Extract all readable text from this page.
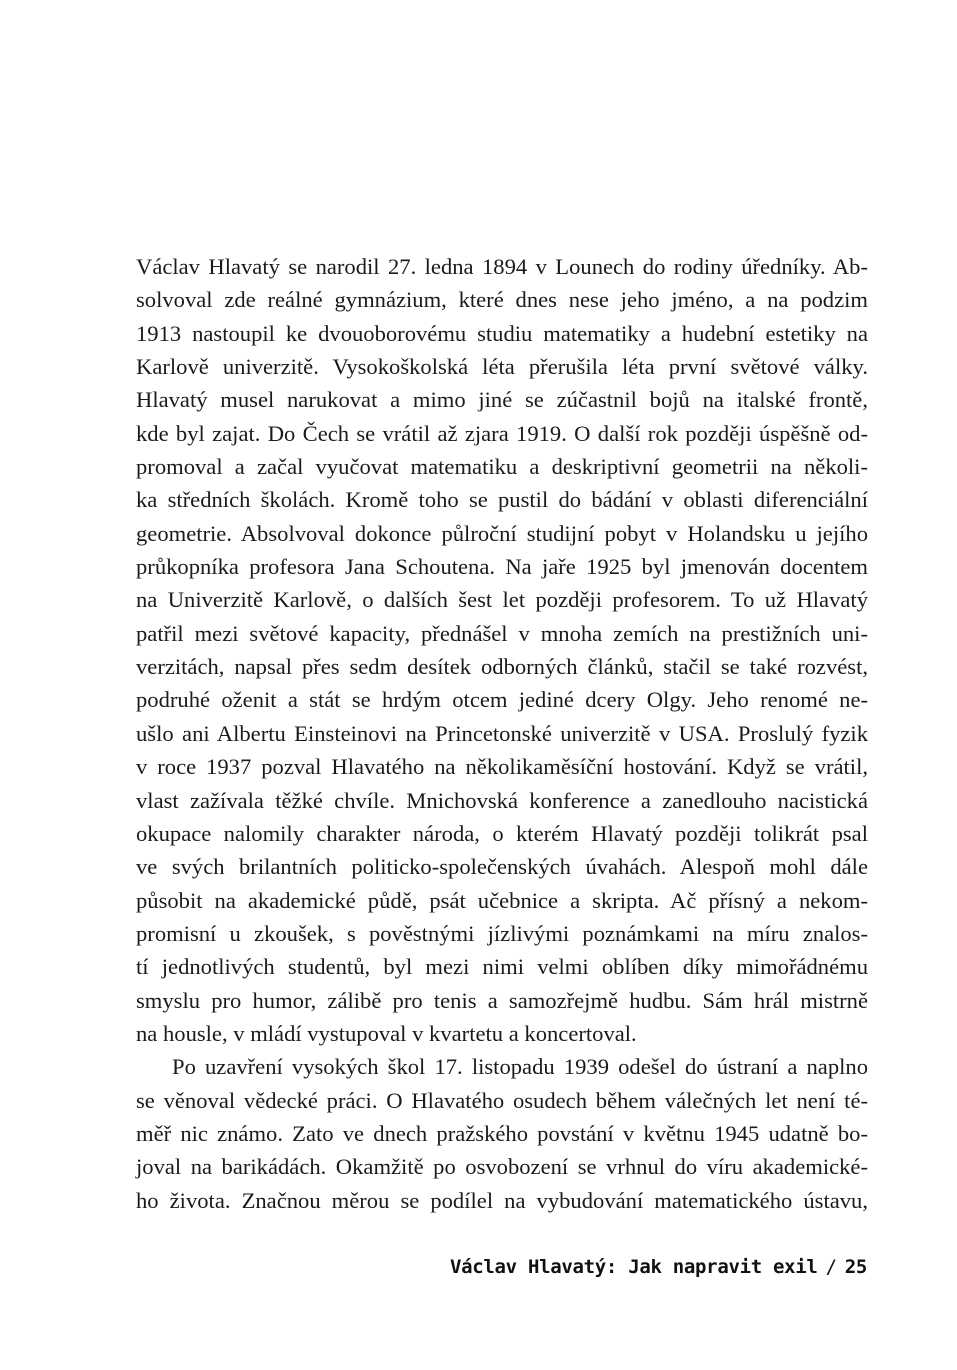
Václav Hlavatý se narodil 27. ledna 1894 v Lounech do rodiny úředníky. Ab-
solvoval zde reálné gymnázium, které dnes nese jeho jméno, a na podzim
1913 nastoupil ke dvouoborovému studiu matematiky a hudební estetiky na
Karlově univerzitě. Vysokoškolská léta přerušila léta první světové války.
Hlavatý musel narukovat a mimo jiné se zúčastnil bojů na italské frontě,
kde byl zajat. Do Čech se vrátil až zjara 1919. O další rok později úspěšně od-
promoval a začal vyučovat matematiku a deskriptivní geometrii na několi-
ka středních školách. Kromě toho se pustil do bádání v oblasti diferenciální
geometrie. Absolvoval dokonce půlroční studijní pobyt v Holandsku u jejího
průkopníka profesora Jana Schoutena. Na jaře 1925 byl jmenován docentem
na Univerzitě Karlově, o dalších šest let později profesorem. To už Hlavatý
patřil mezi světové kapacity, přednášel v mnoha zemích na prestižních uni-
verzitách, napsal přes sedm desítek odborných článků, stačil se také rozvést,
podruhé oženit a stát se hrdým otcem jediné dcery Olgy. Jeho renomé ne-
ušlo ani Albertu Einsteinovi na Princetonské univerzitě v USA. Proslulý fyzik
v roce 1937 pozval Hlavatého na několikaměsíční hostování. Když se vrátil,
vlast zažívala těžké chvíle. Mnichovská konference a zanedlouho nacistická
okupace nalomily charakter národa, o kterém Hlavatý později tolikrát psal
ve svých brilantních politicko-společenských úvahách. Alespoň mohl dále
působit na akademické půdě, psát učebnice a skripta. Ač přísný a nekom-
promisní u zkoušek, s pověstnými jízlivými poznámkami na míru znalos-
tí jednotlivých studentů, byl mezi nimi velmi oblíben díky mimořádnému
smyslu pro humor, zálibě pro tenis a samozřejmě hudbu. Sám hrál mistrně
na housle, v mládí vystupoval v kvartetu a koncertoval.
Po uzavření vysokých škol 17. listopadu 1939 odešel do ústraní a naplno
se věnoval vědecké práci. O Hlavatého osudech během válečných let není té-
měř nic známo. Zato ve dnech pražského povstání v květnu 1945 udatně bo-
joval na barikádách. Okamžitě po osvobození se vrhnul do víru akademické-
ho života. Značnou měrou se podílel na vybudování matematického ústavu,
Václav Hlavatý: Jak napravit exil / 25
